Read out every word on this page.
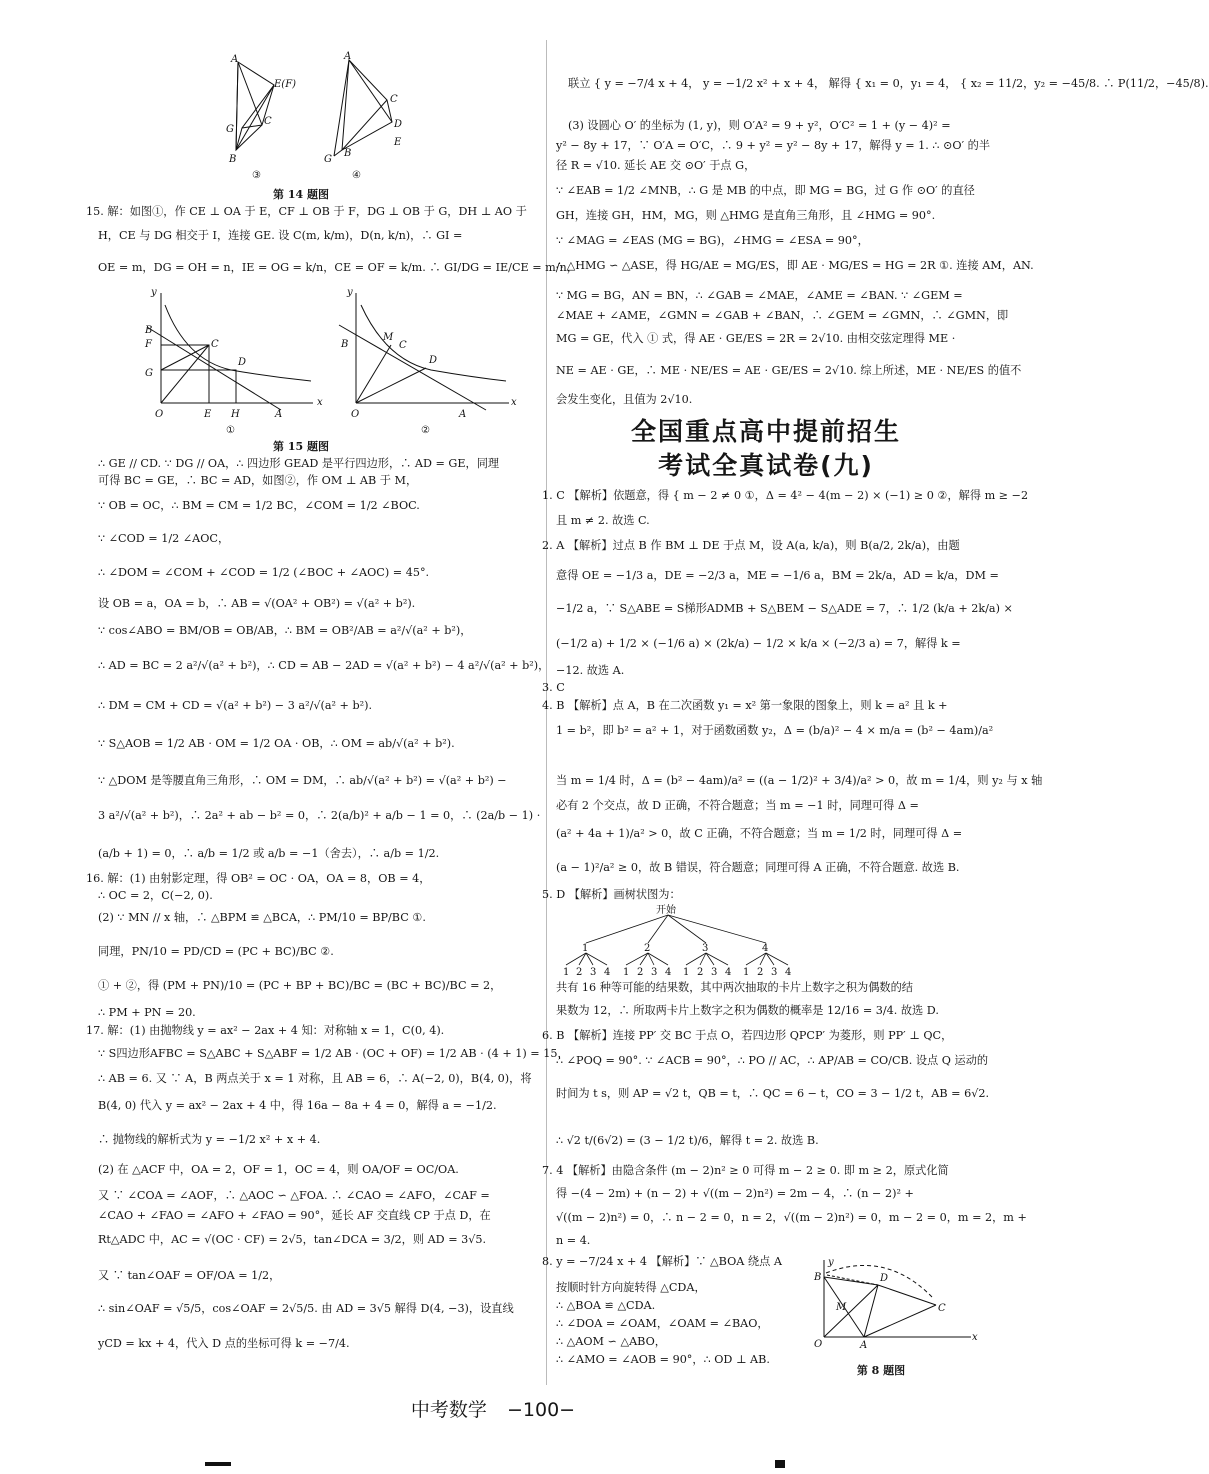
A
E(F)
C
G
B
A
C
D
E
B
G
③	④
第 14 题图
15. 解：如图①，作 CE ⊥ OA 于 E，CF ⊥ OB 于 F，DG ⊥ OB 于 G，DH ⊥ AO 于
H，CE 与 DG 相交于 I，连接 GE. 设 C(m, k/m)，D(n, k/n)，∴ GI =
OE = m，DG = OH = n，IE = OG = k/n，CE = OF = k/m. ∴ GI/DG = IE/CE = m/n，
y
F
G
B
C
D
O	E H	A
x
y
B
M
C
D
O	A
x
①	②
第 15 题图
∴ GE // CD. ∵ DG // OA，∴ 四边形 GEAD 是平行四边形，∴ AD = GE，同理
可得 BC = GE，∴ BC = AD，如图②，作 OM ⊥ AB 于 M，
∵ OB = OC，∴ BM = CM = 1/2 BC，∠COM = 1/2 ∠BOC.
∵ ∠COD = 1/2 ∠AOC，
∴ ∠DOM = ∠COM + ∠COD = 1/2 (∠BOC + ∠AOC) = 45°.
设 OB = a，OA = b，∴ AB = √(OA² + OB²) = √(a² + b²).
∵ cos∠ABO = BM/OB = OB/AB，∴ BM = OB²/AB = a²/√(a² + b²)，
∴ AD = BC = 2 a²/√(a² + b²)，∴ CD = AB − 2AD = √(a² + b²) − 4 a²/√(a² + b²)，
∴ DM = CM + CD = √(a² + b²) − 3 a²/√(a² + b²).
∵ S△AOB = 1/2 AB · OM = 1/2 OA · OB，∴ OM = ab/√(a² + b²).
∵ △DOM 是等腰直角三角形，∴ OM = DM，∴ ab/√(a² + b²) = √(a² + b²) −
3 a²/√(a² + b²)，∴ 2a² + ab − b² = 0，∴ 2(a/b)² + a/b − 1 = 0，∴ (2a/b − 1) ·
(a/b + 1) = 0，∴ a/b = 1/2 或 a/b = −1（舍去），∴ a/b = 1/2.
16. 解：(1) 由射影定理，得 OB² = OC · OA，OA = 8，OB = 4，
∴ OC = 2，C(−2, 0).
(2) ∵ MN // x 轴，∴ △BPM ≌ △BCA，∴ PM/10 = BP/BC ①.
同理，PN/10 = PD/CD = (PC + BC)/BC ②.
① + ②，得 (PM + PN)/10 = (PC + BP + BC)/BC = (BC + BC)/BC = 2，
∴ PM + PN = 20.
17. 解：(1) 由抛物线 y = ax² − 2ax + 4 知：对称轴 x = 1，C(0, 4).
∵ S四边形AFBC = S△ABC + S△ABF = 1/2 AB · (OC + OF) = 1/2 AB · (4 + 1) = 15，
∴ AB = 6. 又 ∵ A，B 两点关于 x = 1 对称，且 AB = 6，∴ A(−2, 0)，B(4, 0)，将
B(4, 0) 代入 y = ax² − 2ax + 4 中，得 16a − 8a + 4 = 0，解得 a = −1/2.
∴ 抛物线的解析式为 y = −1/2 x² + x + 4.
(2) 在 △ACF 中，OA = 2，OF = 1，OC = 4，则 OA/OF = OC/OA.
又 ∵ ∠COA = ∠AOF，∴ △AOC ∽ △FOA. ∴ ∠CAO = ∠AFO，∠CAF =
∠CAO + ∠FAO = ∠AFO + ∠FAO = 90°，延长 AF 交直线 CP 于点 D，在
Rt△ADC 中，AC = √(OC · CF) = 2√5，tan∠DCA = 3/2，则 AD = 3√5.
又 ∵ tan∠OAF = OF/OA = 1/2，
∴ sin∠OAF = √5/5，cos∠OAF = 2√5/5. 由 AD = 3√5 解得 D(4, −3)，设直线
yCD = kx + 4，代入 D 点的坐标可得 k = −7/4.
联立 { y = −7/4 x + 4， y = −1/2 x² + x + 4， 解得 { x₁ = 0，y₁ = 4， { x₂ = 11/2，y₂ = −45/8. ∴ P(11/2，−45/8).
(3) 设圆心 O′ 的坐标为 (1, y)，则 O′A² = 9 + y²，O′C² = 1 + (y − 4)² =
y² − 8y + 17，∵ O′A = O′C，∴ 9 + y² = y² − 8y + 17，解得 y = 1. ∴ ⊙O′ 的半
径 R = √10. 延长 AE 交 ⊙O′ 于点 G，
∵ ∠EAB = 1/2 ∠MNB，∴ G 是 MB 的中点，即 MG = BG，过 G 作 ⊙O′ 的直径
GH，连接 GH，HM，MG，则 △HMG 是直角三角形，且 ∠HMG = 90°.
∵ ∠MAG = ∠EAS (MG = BG)，∠HMG = ∠ESA = 90°，
∴ △HMG ∽ △ASE，得 HG/AE = MG/ES，即 AE · MG/ES = HG = 2R ①. 连接 AM，AN.
∵ MG = BG，AN = BN，∴ ∠GAB = ∠MAE，∠AME = ∠BAN. ∵ ∠GEM =
∠MAE + ∠AME，∠GMN = ∠GAB + ∠BAN，∴ ∠GEM = ∠GMN，∴ ∠GMN，即
MG = GE，代入 ① 式，得 AE · GE/ES = 2R = 2√10. 由相交弦定理得 ME ·
NE = AE · GE，∴ ME · NE/ES = AE · GE/ES = 2√10. 综上所述，ME · NE/ES 的值不
会发生变化，且值为 2√10.
全国重点高中提前招生
考试全真试卷(九)
1. C 【解析】依题意，得 { m − 2 ≠ 0 ①，Δ = 4² − 4(m − 2) × (−1) ≥ 0 ②，解得 m ≥ −2
且 m ≠ 2. 故选 C.
2. A 【解析】过点 B 作 BM ⊥ DE 于点 M，设 A(a, k/a)，则 B(a/2, 2k/a)，由题
意得 OE = −1/3 a，DE = −2/3 a，ME = −1/6 a，BM = 2k/a，AD = k/a，DM =
−1/2 a，∵ S△ABE = S梯形ADMB + S△BEM − S△ADE = 7，∴ 1/2 (k/a + 2k/a) ×
(−1/2 a) + 1/2 × (−1/6 a) × (2k/a) − 1/2 × k/a × (−2/3 a) = 7，解得 k =
−12. 故选 A.
3. C
4. B 【解析】点 A，B 在二次函数 y₁ = x² 第一象限的图象上，则 k = a² 且 k +
1 = b²，即 b² = a² + 1，对于函数函数 y₂，Δ = (b/a)² − 4 × m/a = (b² − 4am)/a²
当 m = 1/4 时，Δ = (b² − 4am)/a² = ((a − 1/2)² + 3/4)/a² > 0，故 m = 1/4，则 y₂ 与 x 轴
必有 2 个交点，故 D 正确，不符合题意；当 m = −1 时，同理可得 Δ =
(a² + 4a + 1)/a² > 0，故 C 正确，不符合题意；当 m = 1/2 时，同理可得 Δ =
(a − 1)²/a² ≥ 0，故 B 错误，符合题意；同理可得 A 正确，不符合题意. 故选 B.
5. D 【解析】画树状图为：
开始
1	2	3	4
1 2 3 4 1 2 3 4 1 2 3 4 1 2 3 4
共有 16 种等可能的结果数，其中两次抽取的卡片上数字之积为偶数的结
果数为 12，∴ 所取两卡片上数字之积为偶数的概率是 12/16 = 3/4. 故选 D.
6. B 【解析】连接 PP′ 交 BC 于点 O，若四边形 QPCP′ 为菱形，则 PP′ ⊥ QC，
∴ ∠POQ = 90°. ∵ ∠ACB = 90°，∴ PO // AC，∴ AP/AB = CO/CB. 设点 Q 运动的
时间为 t s，则 AP = √2 t，QB = t，∴ QC = 6 − t，CO = 3 − 1/2 t，AB = 6√2.
∴ √2 t/(6√2) = (3 − 1/2 t)/6，解得 t = 2. 故选 B.
7. 4 【解析】由隐含条件 (m − 2)n² ≥ 0 可得 m − 2 ≥ 0. 即 m ≥ 2，原式化简
得 −(4 − 2m) + (n − 2) + √((m − 2)n²) = 2m − 4，∴ (n − 2)² +
√((m − 2)n²) = 0，∴ n − 2 = 0，n = 2，√((m − 2)n²) = 0，m − 2 = 0，m = 2，m +
n = 4.
8. y = −7/24 x + 4 【解析】∵ △BOA 绕点 A
按顺时针方向旋转得 △CDA，
∴ △BOA ≌ △CDA.
∴ ∠DOA = ∠OAM，∠OAM = ∠BAO，
∴ △AOM ∽ △ABO，
∴ ∠AMO = ∠AOB = 90°，∴ OD ⊥ AB.
y
B	D
M	C
O	A
x
第 8 题图
中考数学 −100−
